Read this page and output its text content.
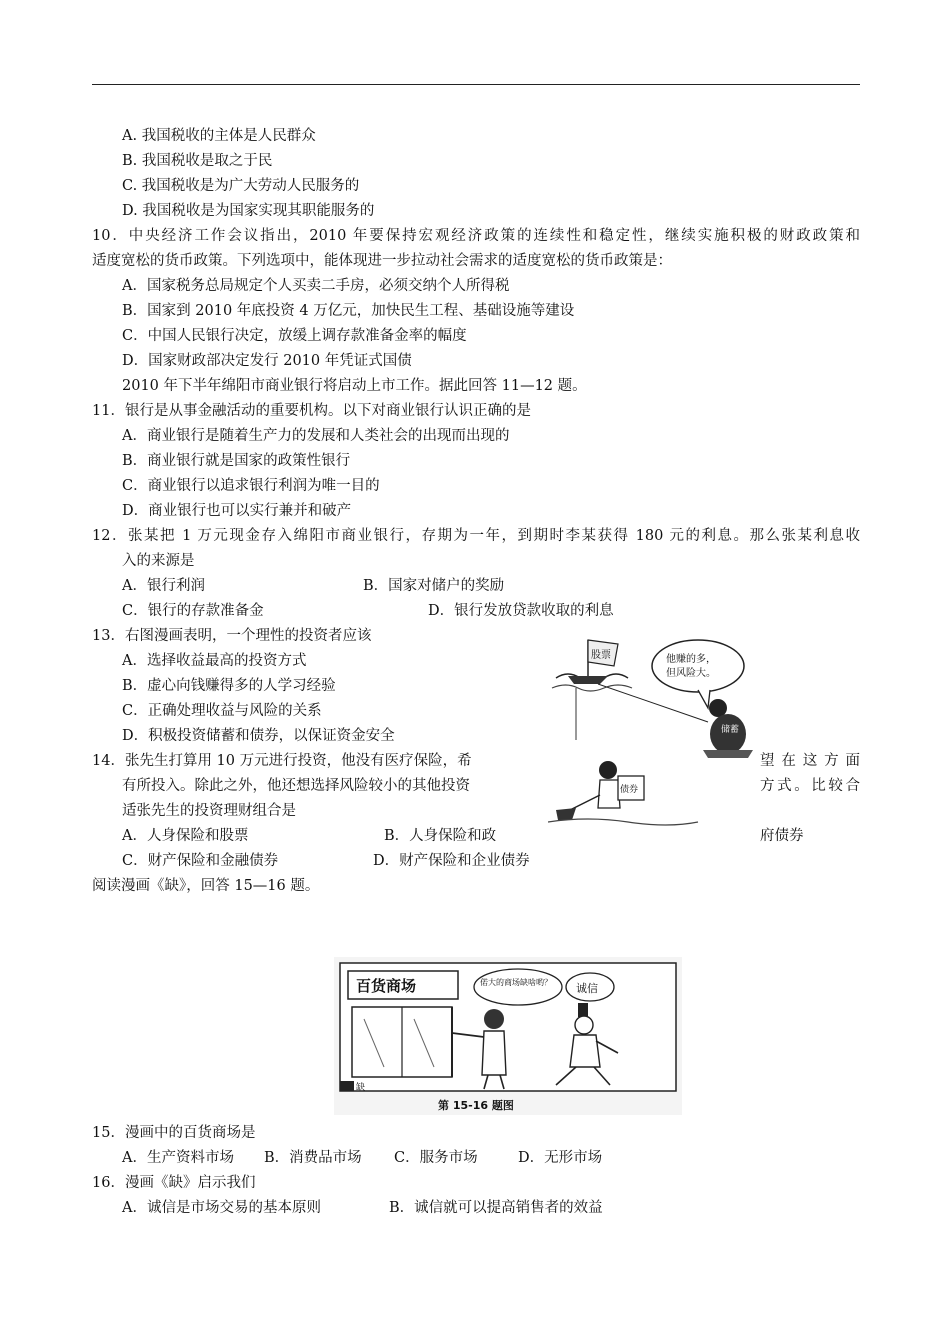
A. 我国税收的主体是人民群众
B. 我国税收是取之于民
C. 我国税收是为广大劳动人民服务的
D. 我国税收是为国家实现其职能服务的
10．中央经济工作会议指出，2010 年要保持宏观经济政策的连续性和稳定性，继续实施积极的财政政策和
适度宽松的货币政策。下列选项中，能体现进一步拉动社会需求的适度宽松的货币政策是：
A．国家税务总局规定个人买卖二手房，必须交纳个人所得税
B．国家到 2010 年底投资 4 万亿元，加快民生工程、基础设施等建设
C．中国人民银行决定，放缓上调存款准备金率的幅度
D．国家财政部决定发行 2010 年凭证式国债
2010 年下半年绵阳市商业银行将启动上市工作。据此回答 11—12 题。
11．银行是从事金融活动的重要机构。以下对商业银行认识正确的是
A．商业银行是随着生产力的发展和人类社会的出现而出现的
B．商业银行就是国家的政策性银行
C．商业银行以追求银行利润为唯一目的
D．商业银行也可以实行兼并和破产
12．张某把 1 万元现金存入绵阳市商业银行，存期为一年，到期时李某获得 180 元的利息。那么张某利息收
入的来源是
A．银行利润	B．国家对储户的奖励
C．银行的存款准备金	D．银行发放贷款收取的利息
13．右图漫画表明，一个理性的投资者应该
A．选择收益最高的投资方式
B．虚心向钱赚得多的人学习经验
C．正确处理收益与风险的关系
D．积极投资储蓄和债券，以保证资金安全
14．张先生打算用 10 万元进行投资，他没有医疗保险，希	望在这方面
有所投入。除此之外，他还想选择风险较小的其他投资	方式。比较合
适张先生的投资理财组合是
A．人身保险和股票	B．人身保险和政	府债券
C．财产保险和金融债券	D．财产保险和企业债券
阅读漫画《缺》，回答 15—16 题。
股票	他赚的多，
但风险大。
储蓄
债券
百货商场	偌大的商场缺啥哟？ 诚信
缺
第 15-16 题图
15．漫画中的百货商场是
A．生产资料市场 B．消费品市场 C．服务市场	D．无形市场
16．漫画《缺》启示我们
A．诚信是市场交易的基本原则	B．诚信就可以提高销售者的效益
